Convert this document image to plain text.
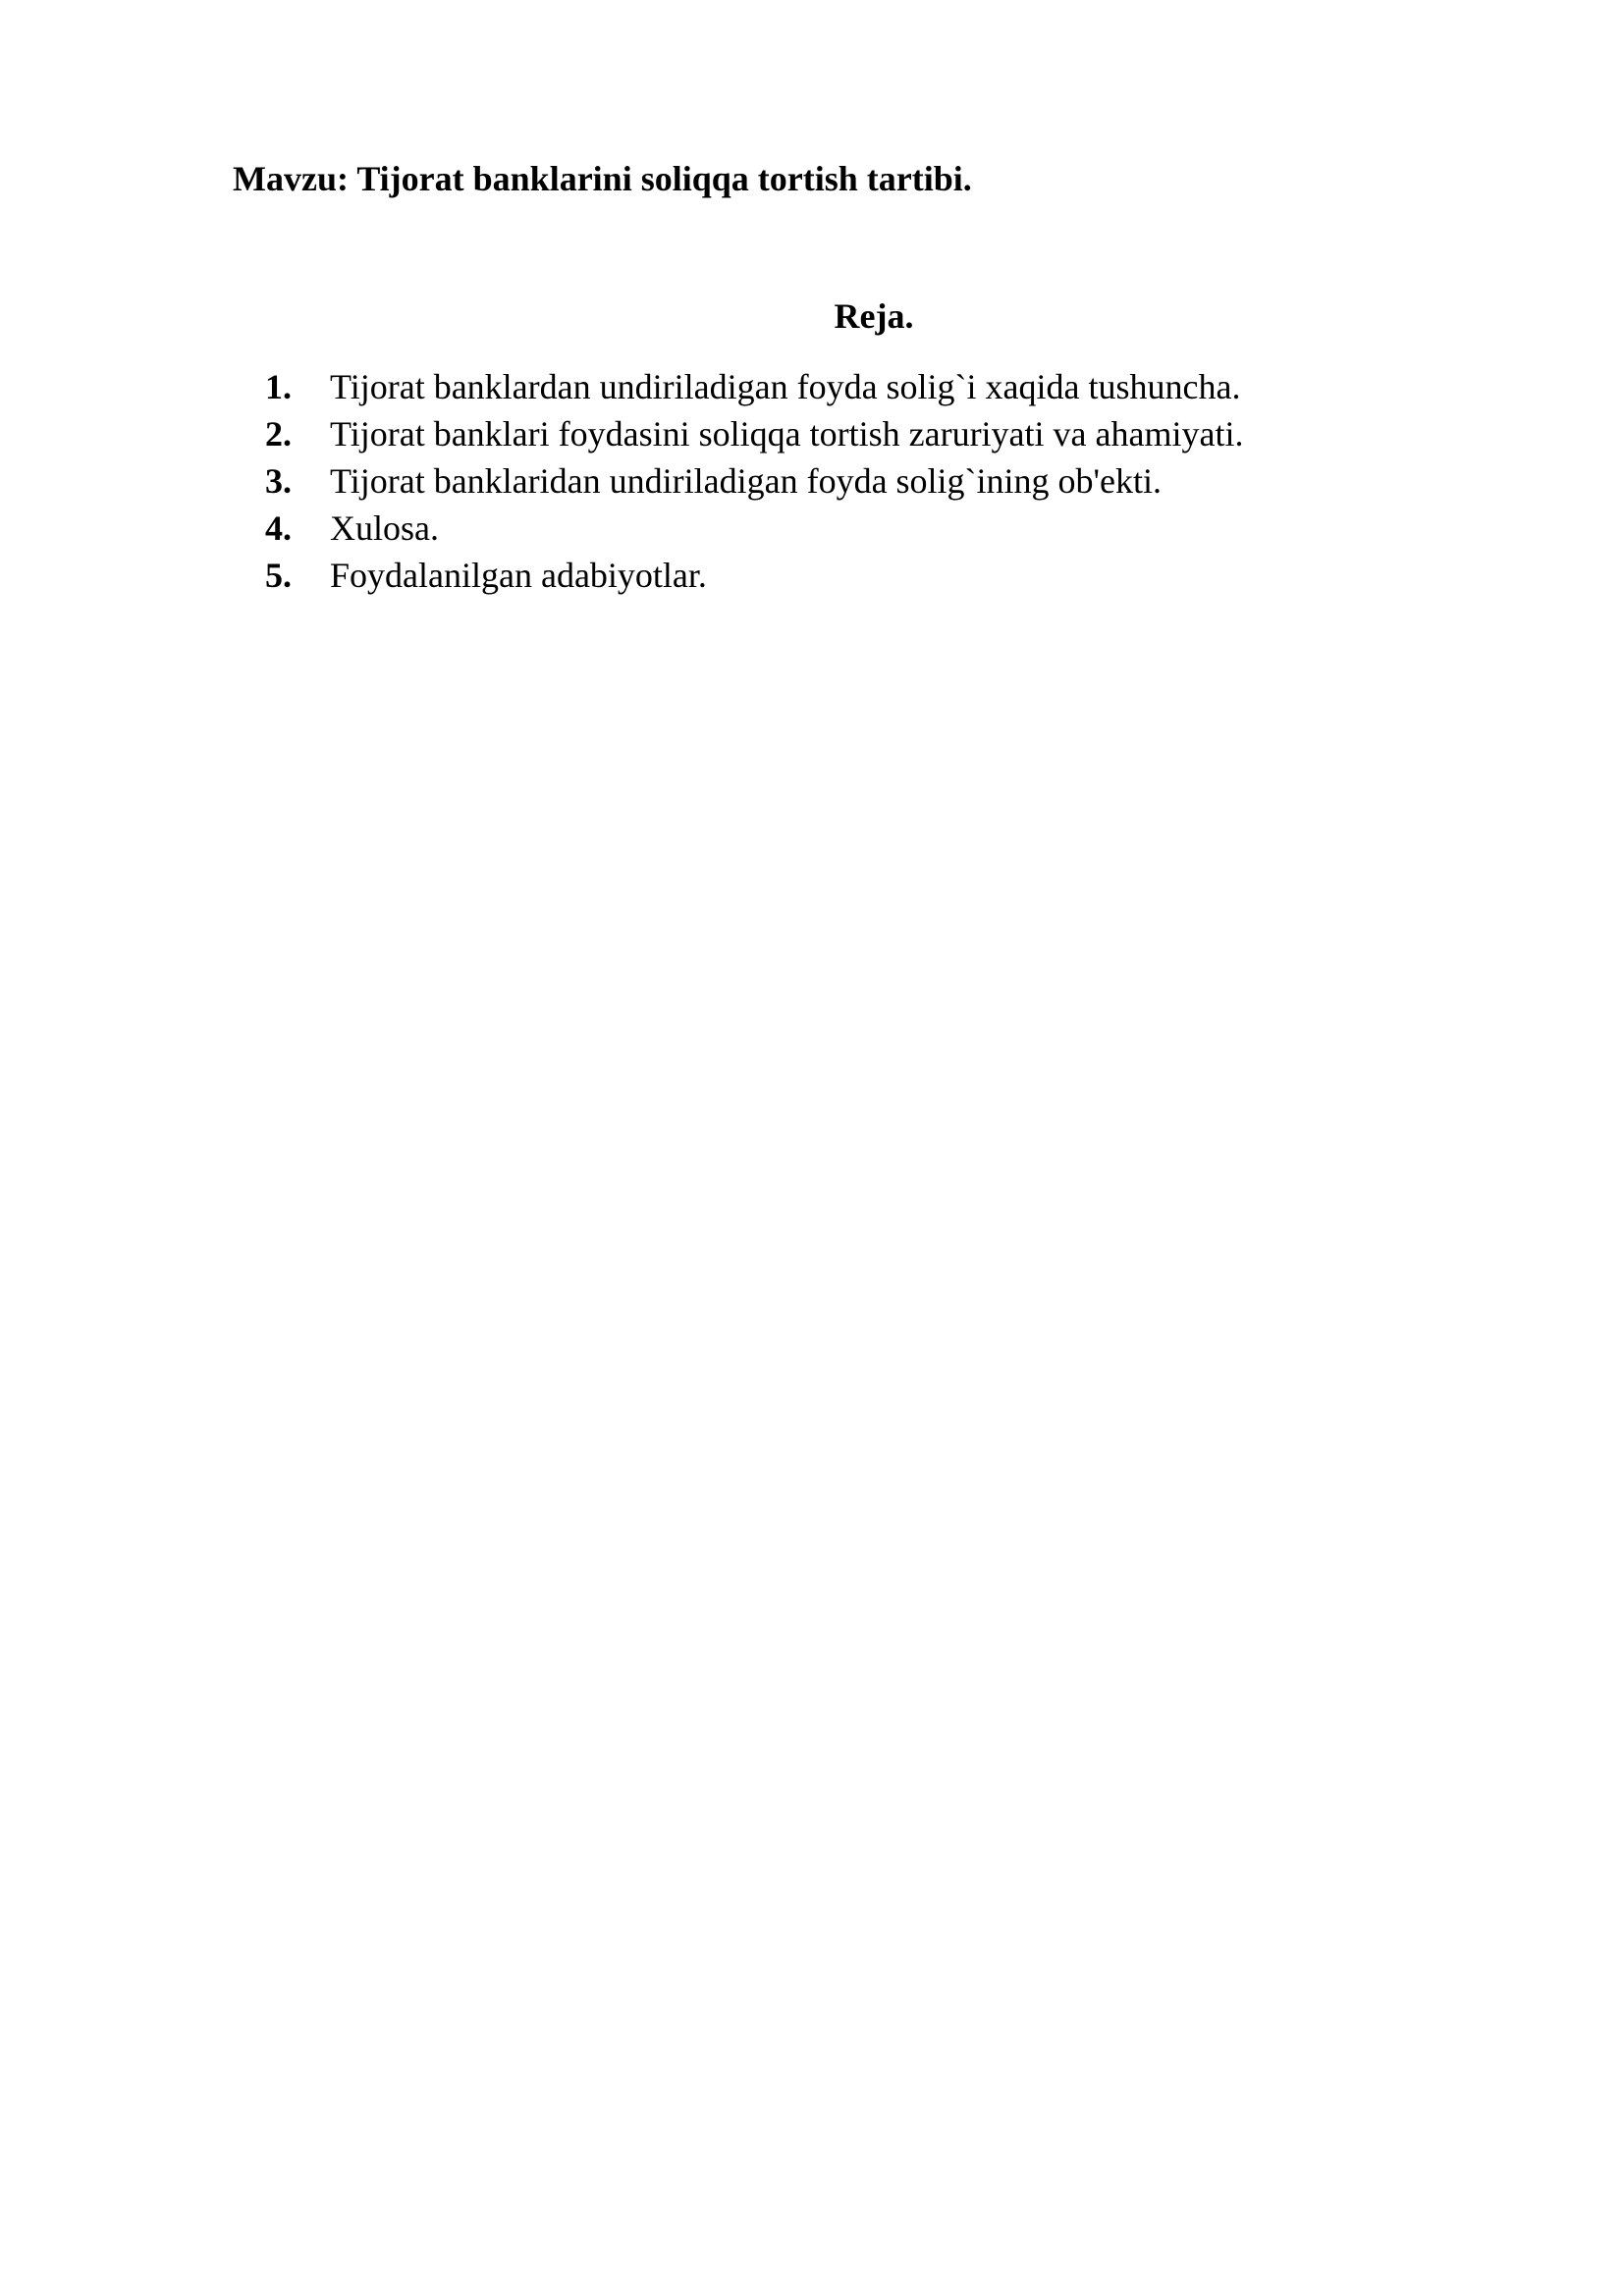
Mavzu: Tijorat banklarini soliqqa tortish tartibi.
Reja.
1.	Tijorat banklardan undiriladigan foyda solig`i xaqida tushuncha.
2.	Tijorat banklari foydasini soliqqa tortish zaruriyati va ahamiyati.
3.	Tijorat banklaridan undiriladigan foyda solig`ining ob'ekti.
4.	Xulosa.
5.	Foydalanilgan adabiyotlar.
